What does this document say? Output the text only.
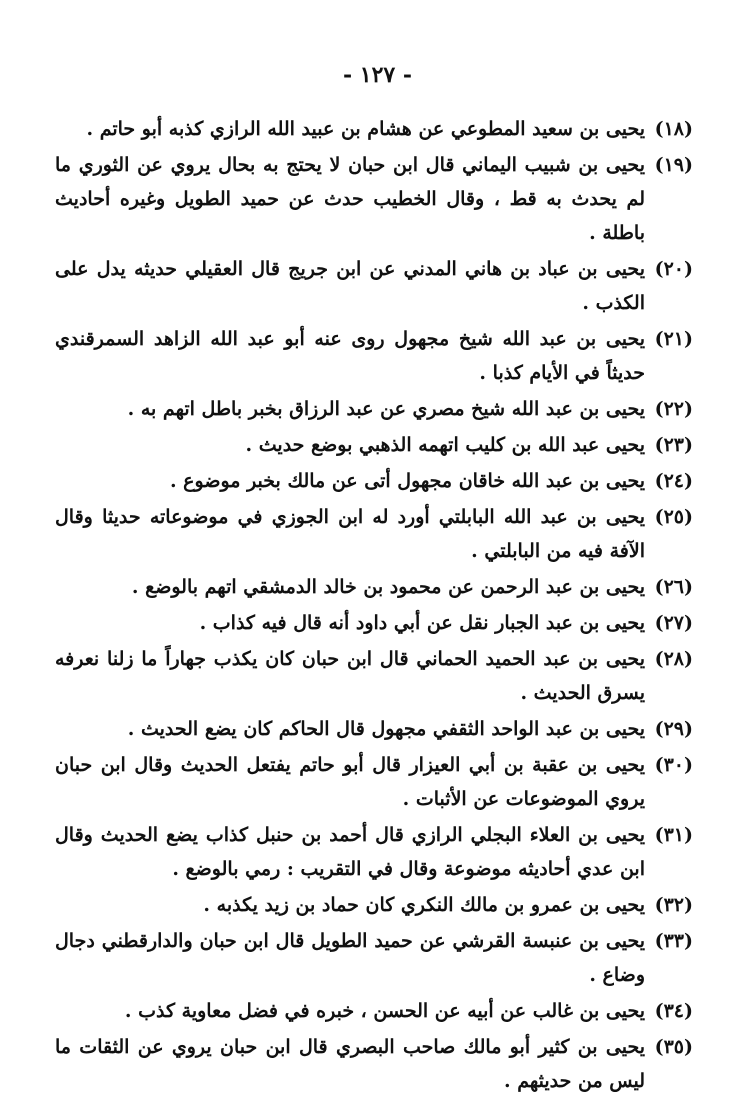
- ١٢٧ -
(١٨)
يحيى بن سعيد المطوعي عن هشام بن عبيد الله الرازي كذبه أبو حاتم .
(١٩)
يحيى بن شبيب اليماني قال ابن حبان لا يحتج به بحال يروي عن الثوري ما لم يحدث به قط ، وقال الخطيب حدث عن حميد الطويل وغيره أحاديث باطلة .
(٢٠)
يحيى بن عباد بن هاني المدني عن ابن جريج قال العقيلي حديثه يدل على الكذب .
(٢١)
يحيى بن عبد الله شيخ مجهول روى عنه أبو عبد الله الزاهد السمرقندي حديثاً في الأيام كذبا .
(٢٢)
يحيى بن عبد الله شيخ مصري عن عبد الرزاق بخبر باطل اتهم به .
(٢٣)
يحيى عبد الله بن كليب اتهمه الذهبي بوضع حديث .
(٢٤)
يحيى بن عبد الله خاقان مجهول أتى عن مالك بخبر موضوع .
(٢٥)
يحيى بن عبد الله البابلتي أورد له ابن الجوزي في موضوعاته حديثا وقال الآفة فيه من البابلتي .
(٢٦)
يحيى بن عبد الرحمن عن محمود بن خالد الدمشقي اتهم بالوضع .
(٢٧)
يحيى بن عبد الجبار نقل عن أبي داود أنه قال فيه كذاب .
(٢٨)
يحيى بن عبد الحميد الحماني قال ابن حبان كان يكذب جهاراً ما زلنا نعرفه يسرق الحديث .
(٢٩)
يحيى بن عبد الواحد الثقفي مجهول قال الحاكم كان يضع الحديث .
(٣٠)
يحيى بن عقبة بن أبي العيزار قال أبو حاتم يفتعل الحديث وقال ابن حبان يروي الموضوعات عن الأثبات .
(٣١)
يحيى بن العلاء البجلي الرازي قال أحمد بن حنبل كذاب يضع الحديث وقال ابن عدي أحاديثه موضوعة وقال في التقريب : رمي بالوضع .
(٣٢)
يحيى بن عمرو بن مالك النكري كان حماد بن زيد يكذبه .
(٣٣)
يحيى بن عنبسة القرشي عن حميد الطويل قال ابن حبان والدارقطني دجال وضاع .
(٣٤)
يحيى بن غالب عن أبيه عن الحسن ، خبره في فضل معاوية كذب .
(٣٥)
يحيى بن كثير أبو مالك صاحب البصري قال ابن حبان يروي عن الثقات ما ليس من حديثهم .
